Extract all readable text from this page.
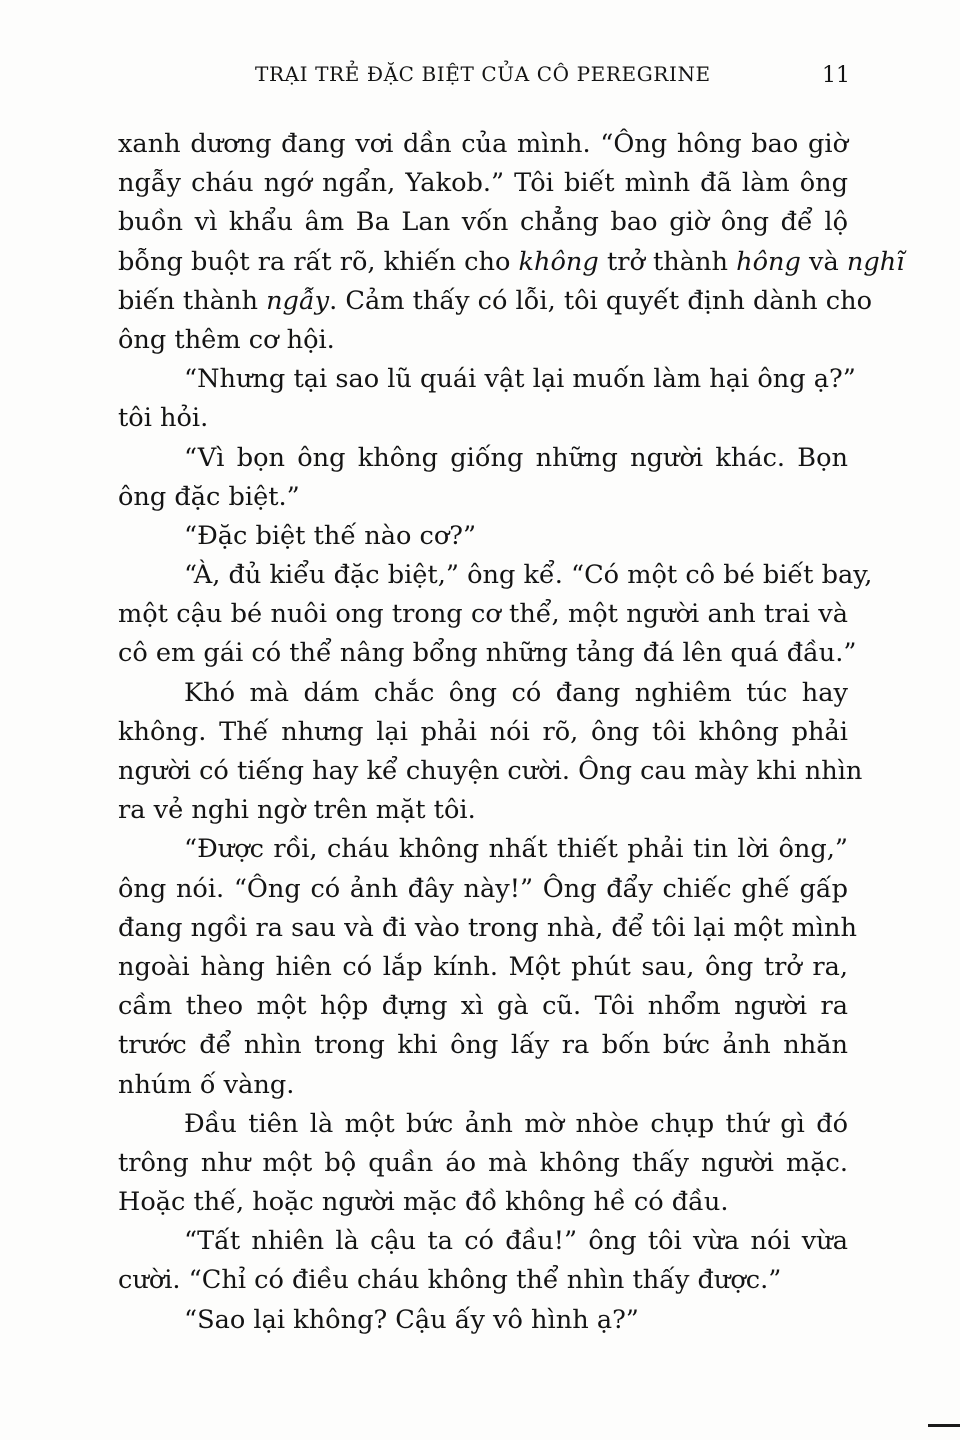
TRẠI TRẺ ĐẶC BIỆT CỦA CÔ PEREGRINE	11
xanh dương đang vơi dần của mình. “Ông hông bao giờ
ngẫy cháu ngớ ngẩn, Yakob.” Tôi biết mình đã làm ông
buồn vì khẩu âm Ba Lan vốn chẳng bao giờ ông để lộ
bỗng buột ra rất rõ, khiến cho không trở thành hông và nghĩ
biến thành ngẫy. Cảm thấy có lỗi, tôi quyết định dành cho
ông thêm cơ hội.
“Nhưng tại sao lũ quái vật lại muốn làm hại ông ạ?”
tôi hỏi.
“Vì bọn ông không giống những người khác. Bọn
ông đặc biệt.”
“Đặc biệt thế nào cơ?”
“À, đủ kiểu đặc biệt,” ông kể. “Có một cô bé biết bay,
một cậu bé nuôi ong trong cơ thể, một người anh trai và
cô em gái có thể nâng bổng những tảng đá lên quá đầu.”
Khó mà dám chắc ông có đang nghiêm túc hay
không. Thế nhưng lại phải nói rõ, ông tôi không phải
người có tiếng hay kể chuyện cười. Ông cau mày khi nhìn
ra vẻ nghi ngờ trên mặt tôi.
“Được rồi, cháu không nhất thiết phải tin lời ông,”
ông nói. “Ông có ảnh đây này!” Ông đẩy chiếc ghế gấp
đang ngồi ra sau và đi vào trong nhà, để tôi lại một mình
ngoài hàng hiên có lắp kính. Một phút sau, ông trở ra,
cầm theo một hộp đựng xì gà cũ. Tôi nhổm người ra
trước để nhìn trong khi ông lấy ra bốn bức ảnh nhăn
nhúm ố vàng.
Đầu tiên là một bức ảnh mờ nhòe chụp thứ gì đó
trông như một bộ quần áo mà không thấy người mặc.
Hoặc thế, hoặc người mặc đồ không hề có đầu.
“Tất nhiên là cậu ta có đầu!” ông tôi vừa nói vừa
cười. “Chỉ có điều cháu không thể nhìn thấy được.”
“Sao lại không? Cậu ấy vô hình ạ?”
